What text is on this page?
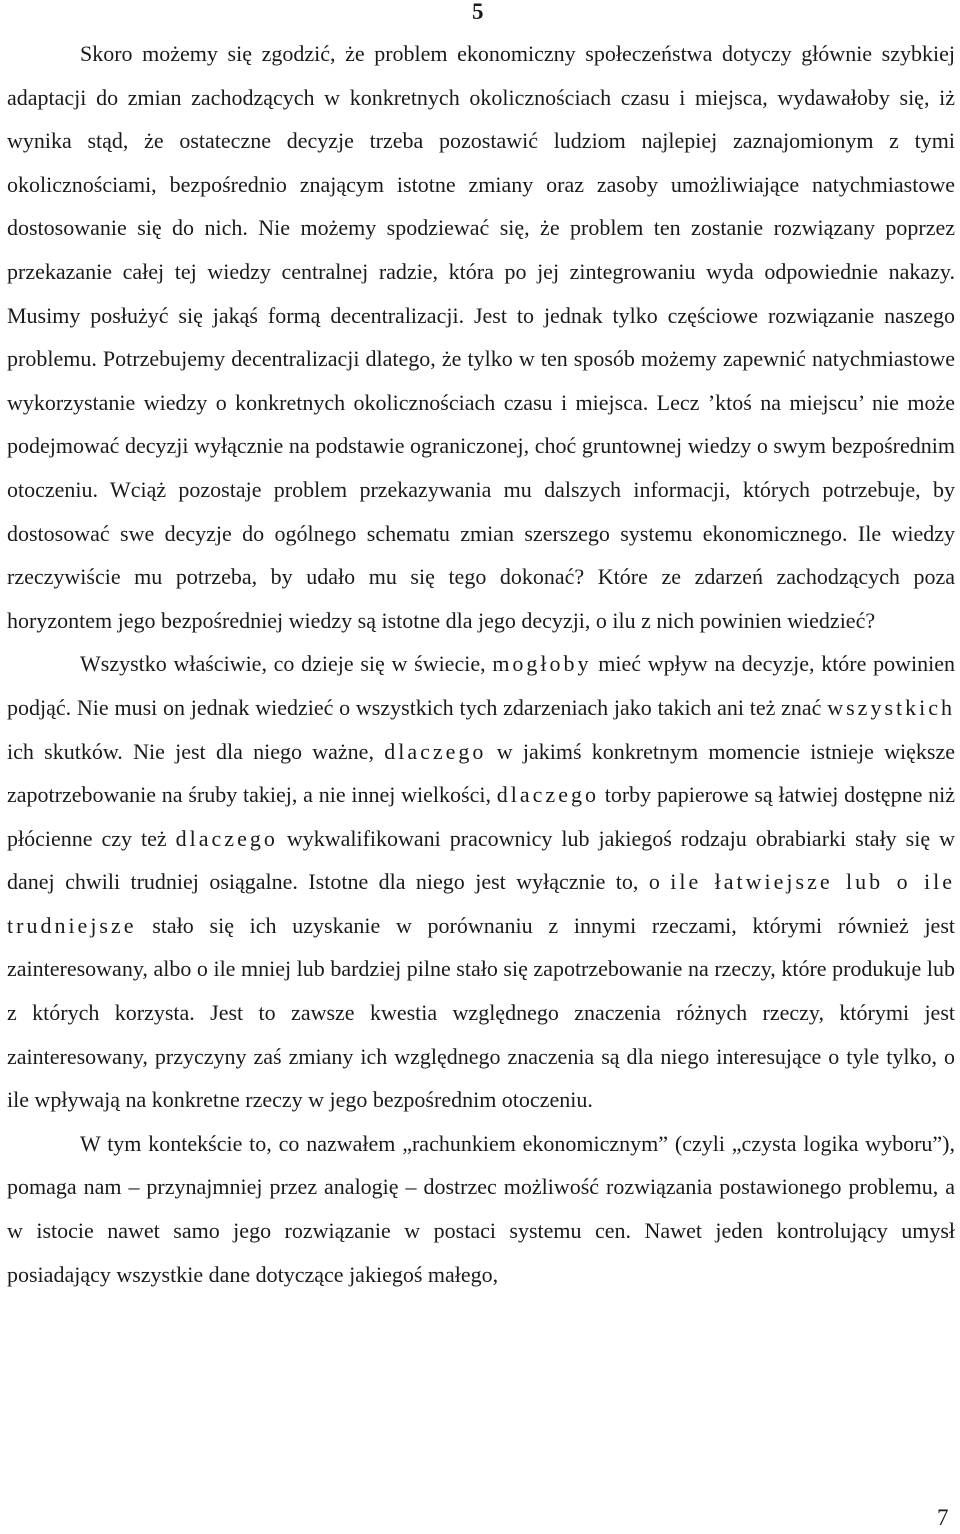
5

Skoro możemy się zgodzić, że problem ekonomiczny społeczeństwa dotyczy głównie szybkiej adaptacji do zmian zachodzących w konkretnych okolicznościach czasu i miejsca, wydawałoby się, iż wynika stąd, że ostateczne decyzje trzeba pozostawić ludziom najlepiej zaznajomionym z tymi okolicznościami, bezpośrednio znającym istotne zmiany oraz zasoby umożliwiające natychmiastowe dostosowanie się do nich. Nie możemy spodziewać się, że problem ten zostanie rozwiązany poprzez przekazanie całej tej wiedzy centralnej radzie, która po jej zintegrowaniu wyda odpowiednie nakazy. Musimy posłużyć się jakąś formą decentralizacji. Jest to jednak tylko częściowe rozwiązanie naszego problemu. Potrzebujemy decentralizacji dlatego, że tylko w ten sposób możemy zapewnić natychmiastowe wykorzystanie wiedzy o konkretnych okolicznościach czasu i miejsca. Lecz ’ktoś na miejscu’ nie może podejmować decyzji wyłącznie na podstawie ograniczonej, choć gruntownej wiedzy o swym bezpośrednim otoczeniu. Wciąż pozostaje problem przekazywania mu dalszych informacji, których potrzebuje, by dostosować swe decyzje do ogólnego schematu zmian szerszego systemu ekonomicznego. Ile wiedzy rzeczywiście mu potrzeba, by udało mu się tego dokonać? Które ze zdarzeń zachodzących poza horyzontem jego bezpośredniej wiedzy są istotne dla jego decyzji, o ilu z nich powinien wiedzieć?

Wszystko właściwie, co dzieje się w świecie, mogłoby mieć wpływ na decyzje, które powinien podjąć. Nie musi on jednak wiedzieć o wszystkich tych zdarzeniach jako takich ani też znać wszystkich ich skutków. Nie jest dla niego ważne, dlaczego w jakimś konkretnym momencie istnieje większe zapotrzebowanie na śruby takiej, a nie innej wielkości, dlaczego torby papierowe są łatwiej dostępne niż płócienne czy też dlaczego wykwalifikowani pracownicy lub jakiegoś rodzaju obrabiarki stały się w danej chwili trudniej osiągalne. Istotne dla niego jest wyłącznie to, o ile łatwiejsze lub o ile trudniejsze stało się ich uzyskanie w porównaniu z innymi rzeczami, którymi również jest zainteresowany, albo o ile mniej lub bardziej pilne stało się zapotrzebowanie na rzeczy, które produkuje lub z których korzysta. Jest to zawsze kwestia względnego znaczenia różnych rzeczy, którymi jest zainteresowany, przyczyny zaś zmiany ich względnego znaczenia są dla niego interesujące o tyle tylko, o ile wpływają na konkretne rzeczy w jego bezpośrednim otoczeniu.

W tym kontekście to, co nazwałem „rachunkiem ekonomicznym” (czyli „czysta logika wyboru”), pomaga nam – przynajmniej przez analogię – dostrzec możliwość rozwiązania postawionego problemu, a w istocie nawet samo jego rozwiązanie w postaci systemu cen. Nawet jeden kontrolujący umysł posiadający wszystkie dane dotyczące jakiegoś małego,

7
